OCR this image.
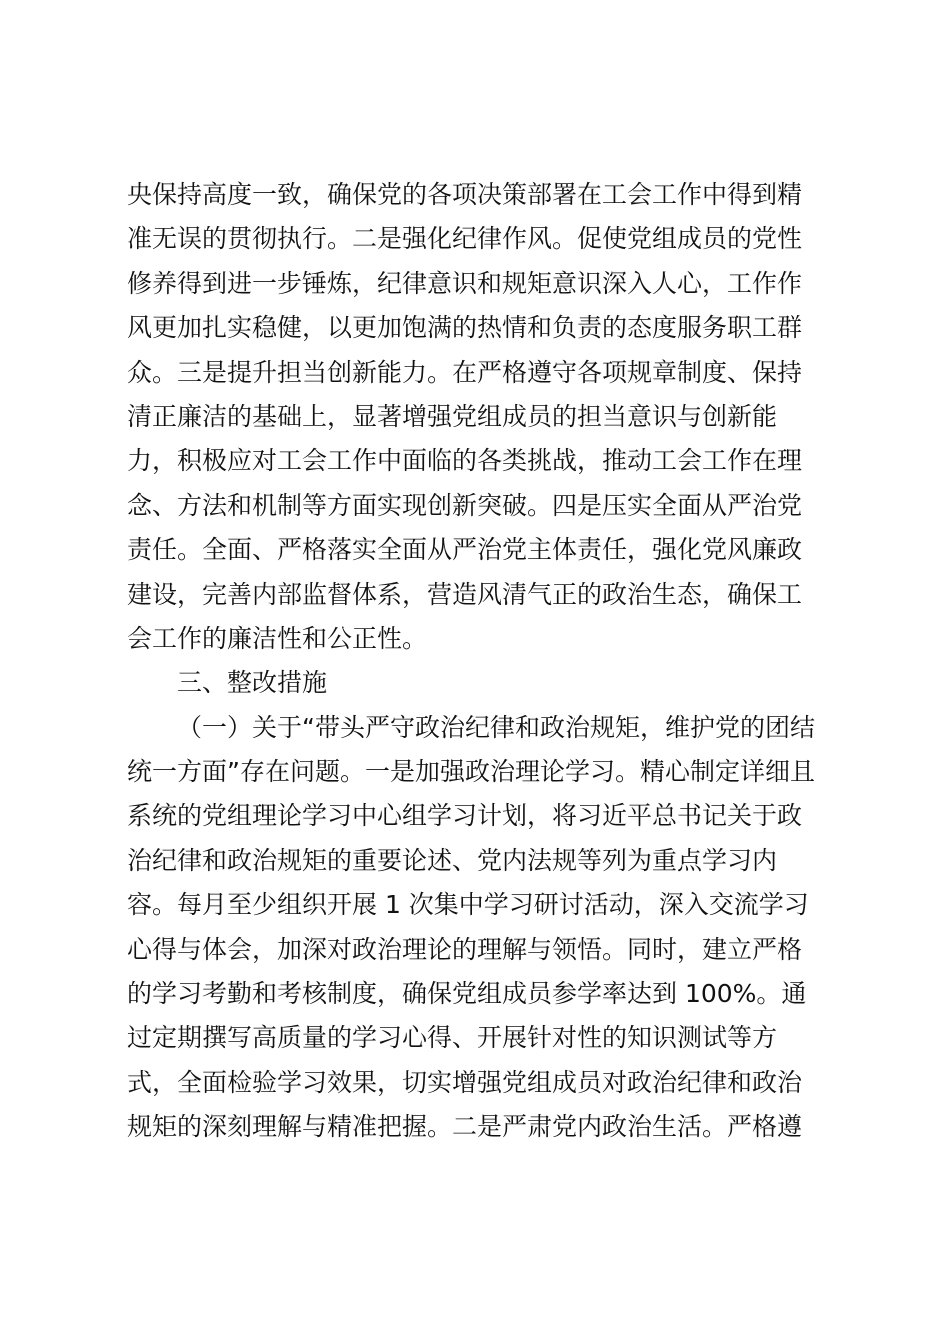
央保持高度一致，确保党的各项决策部署在工会工作中得到精
准无误的贯彻执行。二是强化纪律作风。促使党组成员的党性
修养得到进一步锤炼，纪律意识和规矩意识深入人心，工作作
风更加扎实稳健，以更加饱满的热情和负责的态度服务职工群
众。三是提升担当创新能力。在严格遵守各项规章制度、保持
清正廉洁的基础上，显著增强党组成员的担当意识与创新能
力，积极应对工会工作中面临的各类挑战，推动工会工作在理
念、方法和机制等方面实现创新突破。四是压实全面从严治党
责任。全面、严格落实全面从严治党主体责任，强化党风廉政
建设，完善内部监督体系，营造风清气正的政治生态，确保工
会工作的廉洁性和公正性。
三、整改措施
（一）关于“带头严守政治纪律和政治规矩，维护党的团结
统一方面”存在问题。一是加强政治理论学习。精心制定详细且
系统的党组理论学习中心组学习计划，将习近平总书记关于政
治纪律和政治规矩的重要论述、党内法规等列为重点学习内
容。每月至少组织开展 1 次集中学习研讨活动，深入交流学习
心得与体会，加深对政治理论的理解与领悟。同时，建立严格
的学习考勤和考核制度，确保党组成员参学率达到 100%。通
过定期撰写高质量的学习心得、开展针对性的知识测试等方
式，全面检验学习效果，切实增强党组成员对政治纪律和政治
规矩的深刻理解与精准把握。二是严肃党内政治生活。严格遵
